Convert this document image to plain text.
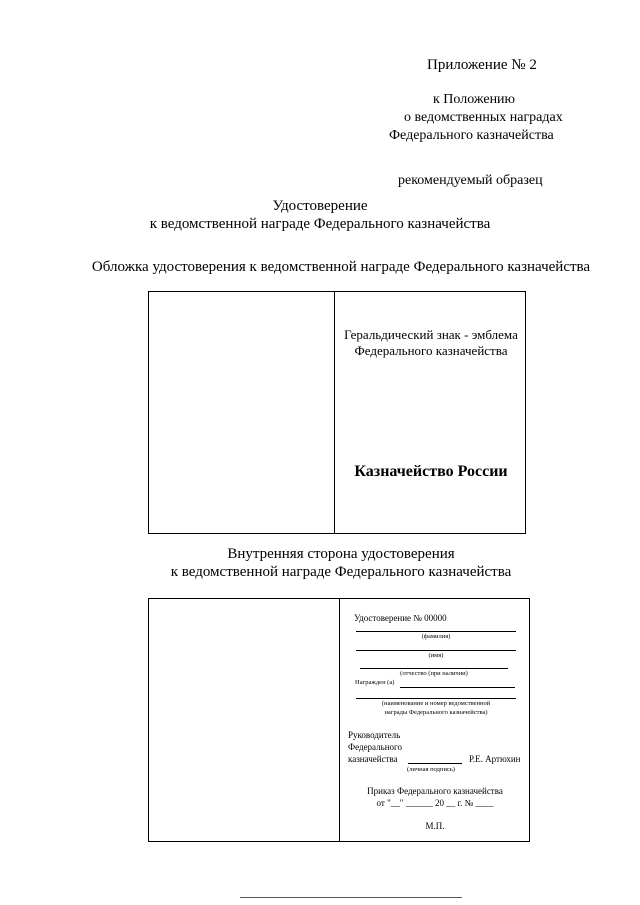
Приложение № 2
к Положению
о ведомственных наградах
Федерального казначейства
рекомендуемый образец
Удостоверение
к ведомственной награде Федерального казначейства
Обложка удостоверения к ведомственной награде Федерального казначейства
Геральдический знак - эмблема
Федерального казначейства
Казначейство России
Внутренняя сторона удостоверения
к ведомственной награде Федерального казначейства
Удостоверение № 00000
(фамилия)
(имя)
(отчество (при наличии)
Награжден (а)
(наименование и номер ведомственной
награды Федерального казначейства)
Руководитель
Федерального
казначейства	Р.Е. Артюхин
(личная подпись)
Приказ Федерального казначейства
от "__" ______ 20 __ г. № ____
М.П.
